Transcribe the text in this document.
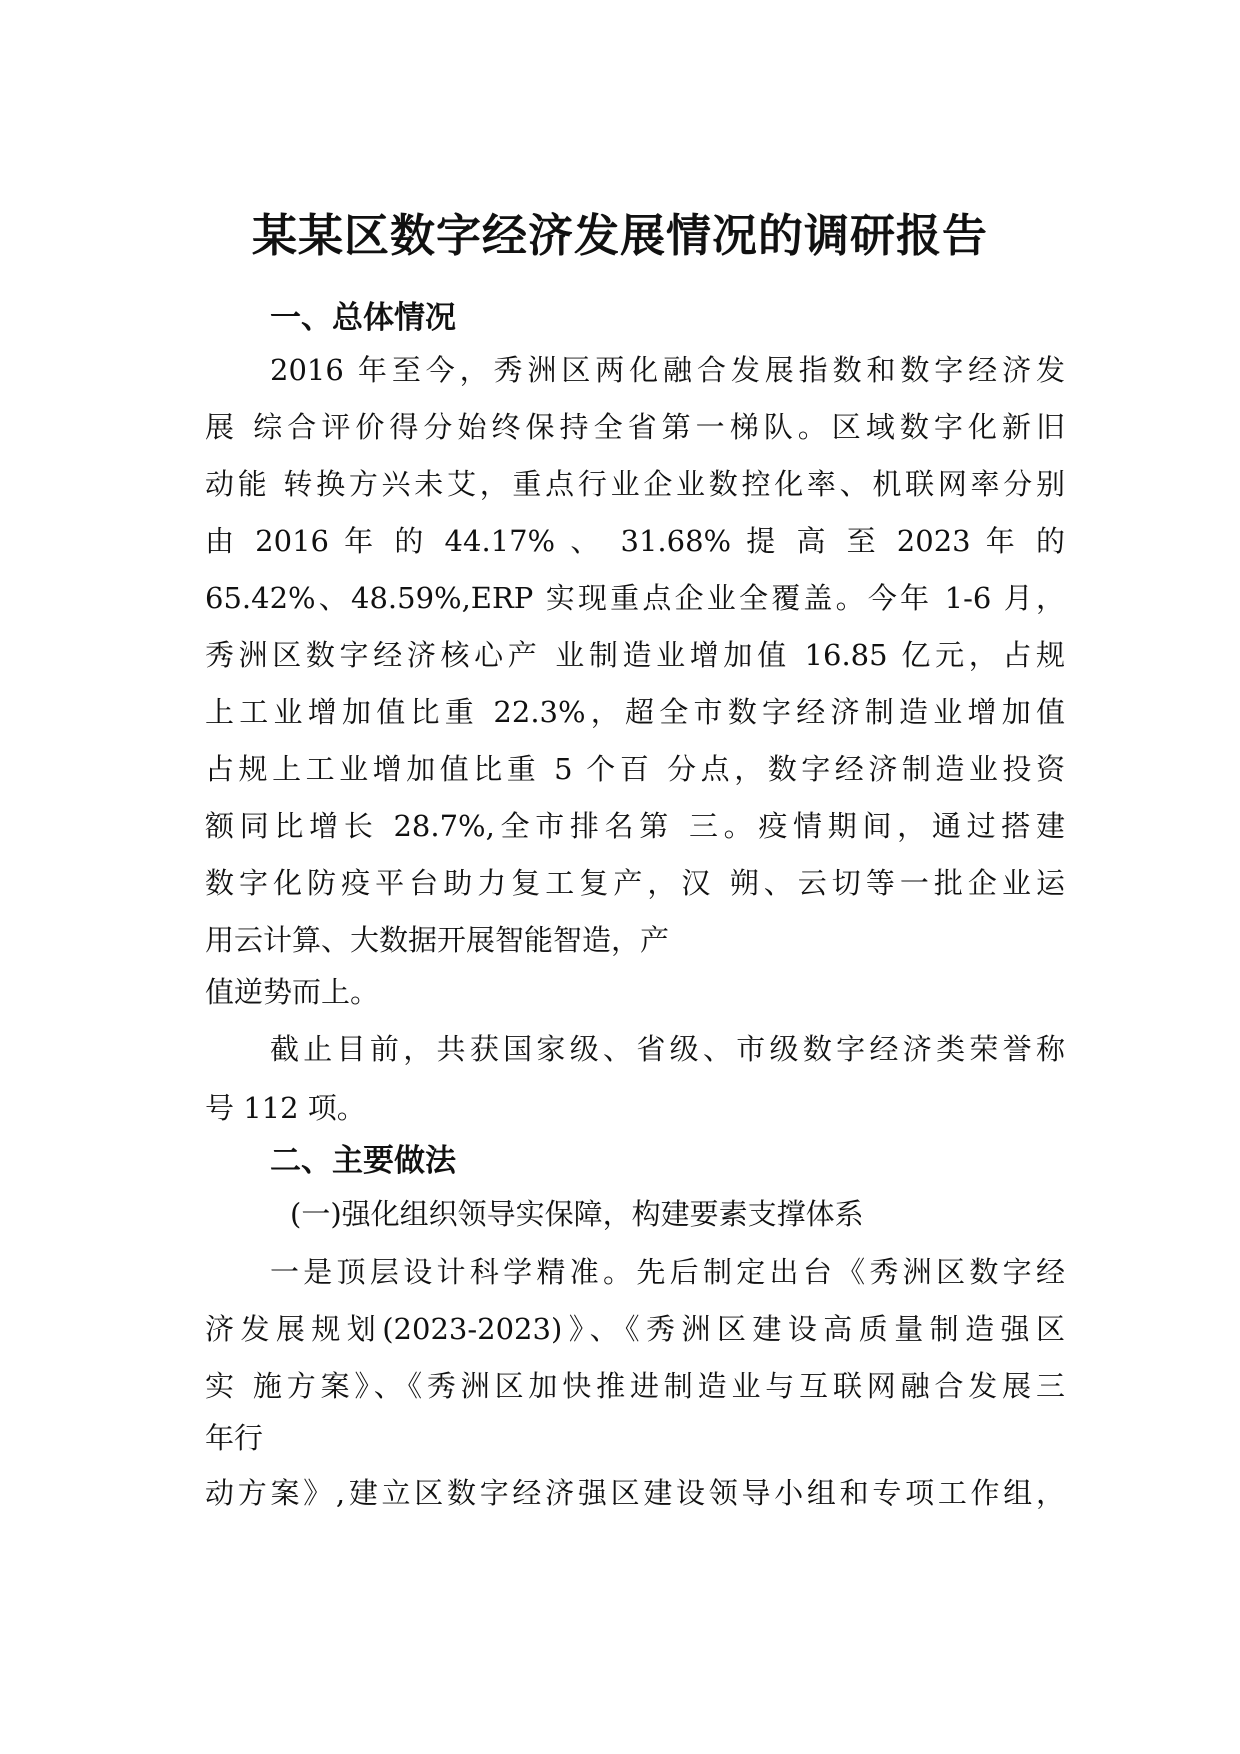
某某区数字经济发展情况的调研报告
一、总体情况
2016 年至今，秀洲区两化融合发展指数和数字经济发
展 综合评价得分始终保持全省第一梯队。区域数字化新旧
动能 转换方兴未艾，重点行业企业数控化率、机联网率分别
由 2016 年 的 44.17% 、 31.68% 提 高 至 2023 年 的
65.42%、48.59%,ERP 实现重点企业全覆盖。今年 1-6 月，
秀洲区数字经济核心产 业制造业增加值 16.85 亿元，占规
上工业增加值比重 22.3%，超全市数字经济制造业增加值
占规上工业增加值比重 5 个百 分点，数字经济制造业投资
额同比增长 28.7%,全市排名第 三。疫情期间，通过搭建
数字化防疫平台助力复工复产，汉 朔、云切等一批企业运
用云计算、大数据开展智能智造，产
值逆势而上。
截止目前，共获国家级、省级、市级数字经济类荣誉称
号 112 项。
二、主要做法
(一)强化组织领导实保障，构建要素支撑体系
一是顶层设计科学精准。先后制定出台《秀洲区数字经
济发展规划(2023-2023)》、《秀洲区建设高质量制造强区
实 施方案》、《秀洲区加快推进制造业与互联网融合发展三
年行
动方案》,建立区数字经济强区建设领导小组和专项工作组，
